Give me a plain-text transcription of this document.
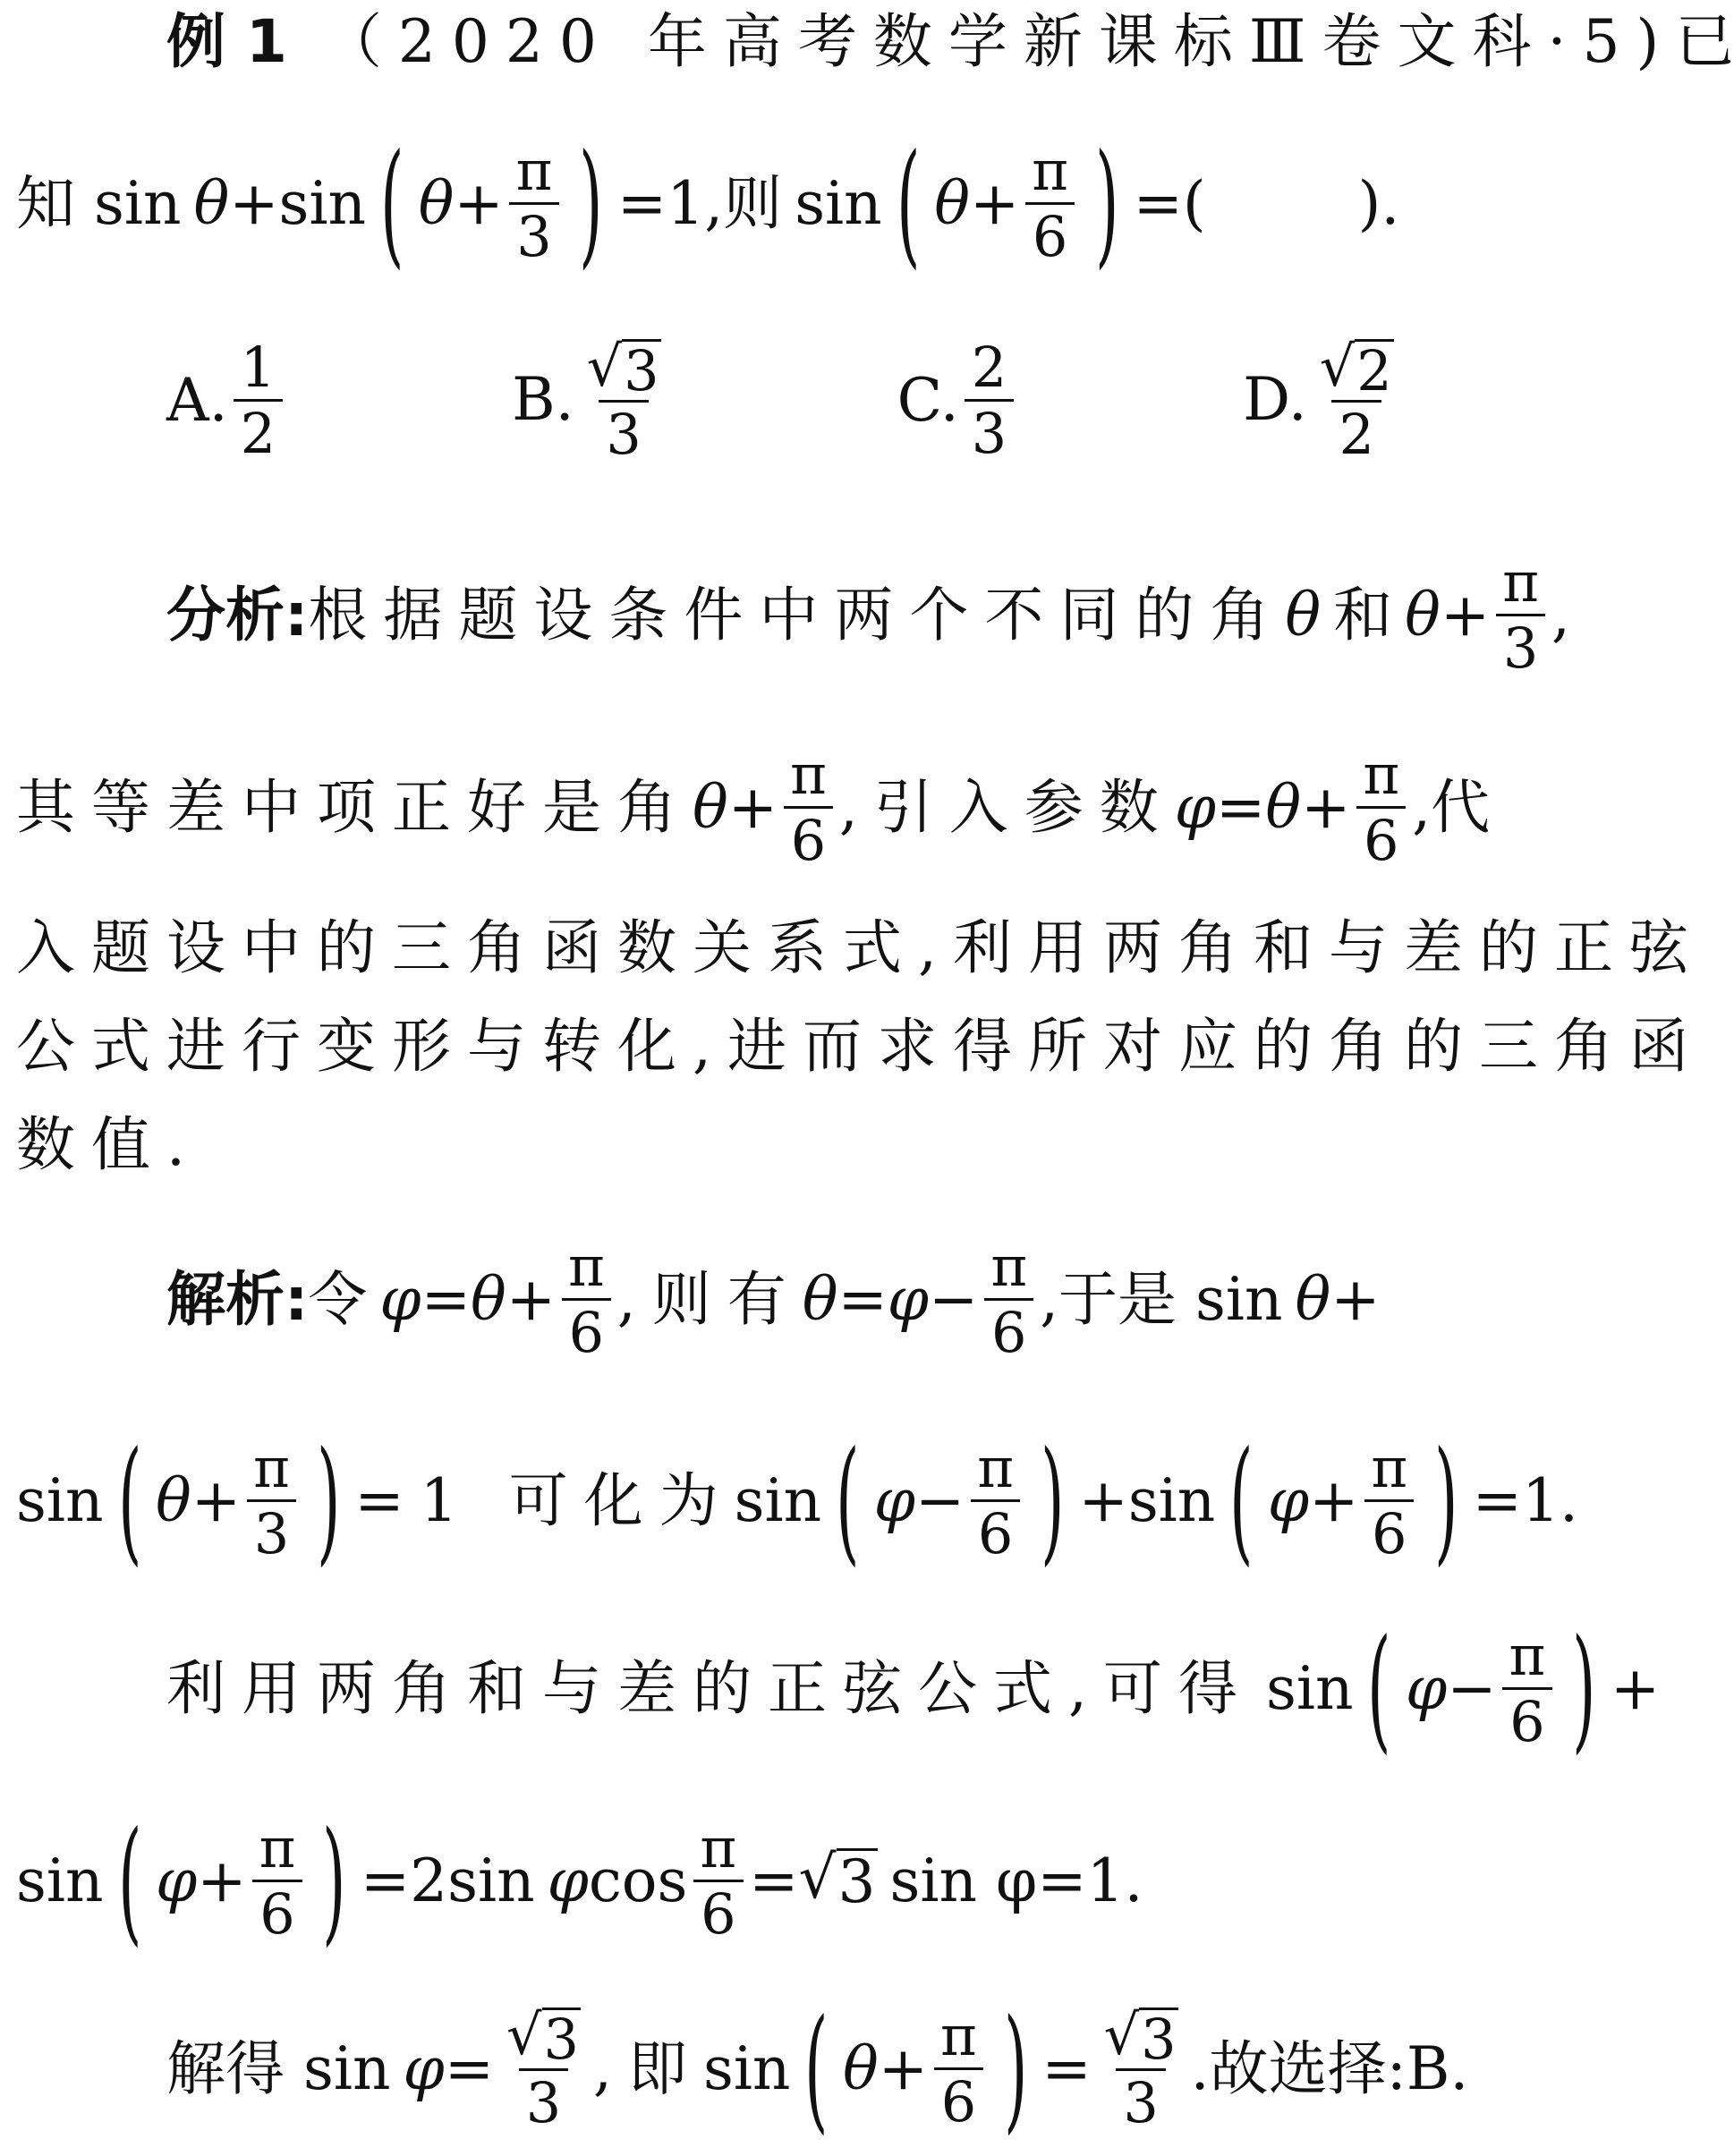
例 1 （2020 年高考数学新课标Ⅲ卷文科·5) 已
知 sin θ + sin ( $\theta + \frac{\pi}{3}$ ) =1,则 sin ( $\theta + \frac{\pi}{6}$ ) =(	).
A. $\frac{1}{2}$	B. $\frac{√ 3}{3}$	C. $\frac{2}{3}$	D. $\frac{√ 2}{2}$
分析 : 根据题设条件中两个不同的角 θ 和 $\theta + \frac{\pi}{3}$ ,
其等差中项正好是角 $\theta + \frac{\pi}{6}$ ,引入参数 $\varphi = \theta + \frac{\pi}{6}$ ,代
入题设中的三角函数关系式,利用两角和与差的正弦
公式进行变形与转化,进而求得所对应的角的三角函
数值.
解析 : 令 $\varphi = \theta + \frac{\pi}{6}$ ,则有 $\theta = \varphi - \frac{\pi}{6}$ ,于是 sin θ +
sin ( $\theta + \frac{\pi}{3}$ ) =1 可化为 sin ( $\varphi - \frac{\pi}{6}$ ) + sin ( $\varphi + \frac{\pi}{6}$ ) =1.
利用两角和与差的正弦公式,可得 sin ( $\varphi - \frac{\pi}{6}$ ) +
sin ( $\varphi + \frac{\pi}{6}$ ) =2sin φ $\cos \frac{\pi}{6}$ = √ 3 sin φ=1.
解得 $\sin \varphi = \frac{√ 3}{3}$ ,即 sin ( $\theta + \frac{\pi}{6}$ ) = $\frac{√ 3}{3}$ .故选择:B.
